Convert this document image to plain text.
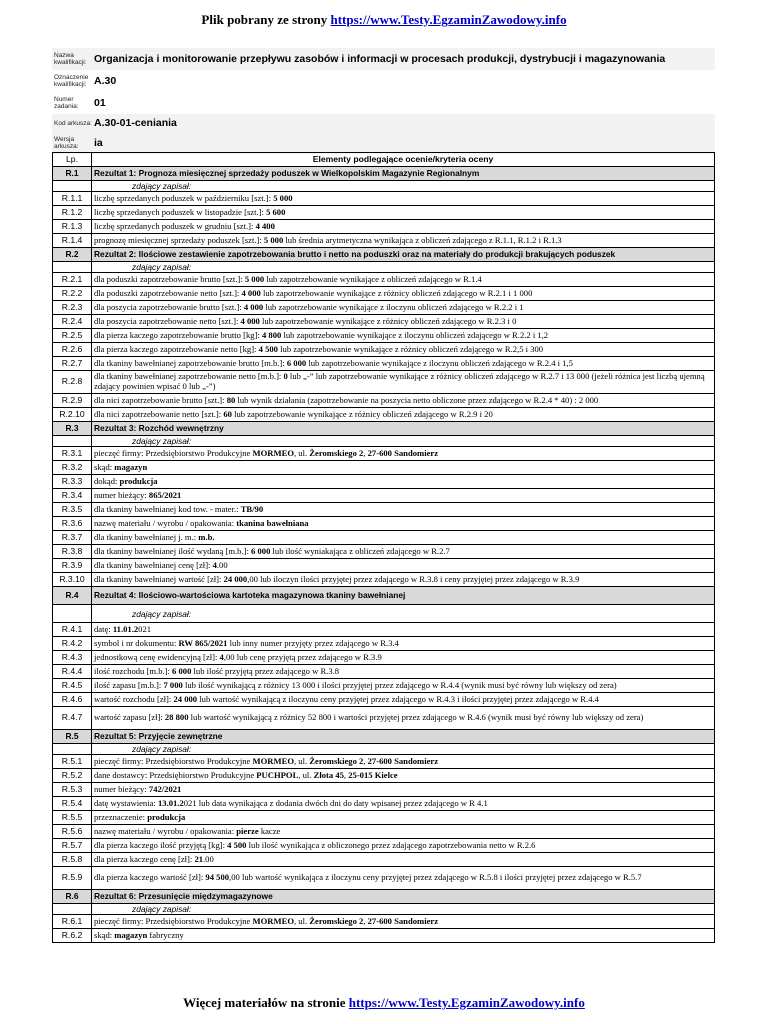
Plik pobrany ze strony https://www.Testy.EgzaminZawodowy.info
Nazwa kwalifikacji: Organizacja i monitorowanie przepływu zasobów i informacji w procesach produkcji, dystrybucji i magazynowania
Oznaczenie kwalifikacji: A.30
Numer zadania:	01
Kod arkusza: A.30-01-ceniania
Wersja arkusza:	ia
Lp.	Elementy podlegające ocenie/kryteria oceny
R.1	Rezultat 1: Prognoza miesięcznej sprzedaży poduszek w Wielkopolskim Magazynie Regionalnym
	zdający zapisał:
R.1.1	liczbę sprzedanych poduszek w październiku [szt.]: 5 000
R.1.2	liczbę sprzedanych poduszek w listopadzie [szt.]: 5 600
R.1.3	liczbę sprzedanych poduszek w grudniu [szt.]: 4 400
R.1.4	prognozę miesięcznej sprzedaży poduszek [szt.]: 5 000 lub średnia arytmetyczna wynikająca z obliczeń zdającego z R.1.1, R.1.2 i R.1.3
R.2	Rezultat 2: Ilościowe zestawienie zapotrzebowania brutto i netto na poduszki oraz na materiały do produkcji brakujących poduszek
	zdający zapisał:
R.2.1	dla poduszki zapotrzebowanie brutto [szt.]: 5 000 lub zapotrzebowanie wynikające z obliczeń zdającego w R.1.4
R.2.2	dla poduszki zapotrzebowanie netto [szt.]: 4 000 lub zapotrzebowanie wynikające z różnicy obliczeń zdającego w R.2.1 i 1 000
R.2.3	dla poszycia zapotrzebowanie brutto [szt.]: 4 000 lub zapotrzebowanie wynikające z iloczynu obliczeń zdającego w R.2.2 i 1
R.2.4	dla poszycia zapotrzebowanie netto [szt.]: 4 000 lub zapotrzebowanie wynikające z różnicy obliczeń zdającego w R.2.3 i 0
R.2.5	dla pierza kaczego zapotrzebowanie brutto [kg]: 4 800 lub zapotrzebowanie wynikające z iloczynu obliczeń zdającego w R.2.2 i 1,2
R.2.6	dla pierza kaczego zapotrzebowanie netto [kg]: 4 500 lub zapotrzebowanie wynikające z różnicy obliczeń zdającego w R.2,5 i 300
R.2.7	dla tkaniny bawełnianej zapotrzebowanie brutto [m.b.]: 6 000 lub zapotrzebowanie wynikające z iloczynu obliczeń zdającego w R.2.4 i 1,5
R.2.8	dla tkaniny bawełnianej zapotrzebowanie netto [m.b.]: 0 lub „-” lub zapotrzebowanie wynikające z różnicy obliczeń zdającego w R.2.7 i 13 000 (jeżeli różnica jest liczbą ujemną zdający powinien wpisać 0 lub „-”)
R.2.9	dla nici zapotrzebowanie brutto [szt.]: 80 lub wynik działania (zapotrzebowanie na poszycia netto obliczone przez zdającego w R.2.4 * 40) : 2 000
R.2.10	dla nici zapotrzebowanie netto [szt.]: 60 lub zapotrzebowanie wynikające z różnicy obliczeń zdającego w R.2.9 i 20
R.3	Rezultat 3: Rozchód wewnętrzny
	zdający zapisał:
R.3.1	pieczęć firmy: Przedsiębiorstwo Produkcyjne MORMEO, ul. Żeromskiego 2, 27-600 Sandomierz
R.3.2	skąd: magazyn
R.3.3	dokąd: produkcja
R.3.4	numer bieżący: 865/2021
R.3.5	dla tkaniny bawełnianej kod tow. - mater.: TB/90
R.3.6	nazwę materiału / wyrobu / opakowania: tkanina bawełniana
R.3.7	dla tkaniny bawełnianej j. m.: m.b.
R.3.8	dla tkaniny bawełnianej ilość wydaną [m.b.]: 6 000 lub ilość wyniakająca z obliczeń zdającego w R.2.7
R.3.9	dla tkaniny bawełnianej cenę [zł]: 4.00
R.3.10	dla tkaniny bawełnianej wartość [zł]: 24 000,00 lub iloczyn ilości przyjętej przez zdającego w R.3.8 i ceny przyjętej przez zdającego w R.3.9
R.4	Rezultat 4: Ilościowo-wartościowa kartoteka magazynowa tkaniny bawełnianej
	zdający zapisał:
R.4.1	datę: 11.01.2021
R.4.2	symbol i nr dokumentu: RW 865/2021 lub inny numer przyjęty przez zdającego w R.3.4
R.4.3	jednostkową cenę ewidencyjną [zł]: 4,00 lub cenę przyjętą przez zdającego w R.3.9
R.4.4	ilość rozchodu [m.b.]: 6 000 lub ilość przyjętą przez zdającego w R.3.8
R.4.5	ilość zapasu [m.b.]: 7 000 lub ilość wynikającą z różnicy 13 000 i ilości przyjętej przez zdającego w R.4.4 (wynik musi być równy lub większy od zera)
R.4.6	wartość rozchodu [zł]: 24 000 lub wartość wynikającą z iloczynu ceny przyjętej przez zdającego w R.4.3 i ilości przyjętej przez zdającego w R.4.4
R.4.7	wartość zapasu [zł]: 28 800 lub wartość wynikającą z różnicy 52 800 i wartości przyjętej przez zdającego w R.4.6 (wynik musi być równy lub większy od zera)
R.5	Rezultat 5: Przyjęcie zewnętrzne
	zdający zapisał:
R.5.1	pieczęć firmy: Przedsiębiorstwo Produkcyjne MORMEO, ul. Żeromskiego 2, 27-600 Sandomierz
R.5.2	dane dostawcy: Przedsiębiorstwo Produkcyjne PUCHPOL, ul. Złota 45, 25-015 Kielce
R.5.3	numer bieżący: 742/2021
R.5.4	datę wystawienia: 13.01.2021 lub data wynikająca z dodania dwóch dni do daty wpisanej przez zdającego w R 4.1
R.5.5	przeznaczenie: produkcja
R.5.6	nazwę materiału / wyrobu / opakowania: pierze kacze
R.5.7	dla pierza kaczego ilość przyjętą [kg]: 4 500 lub ilość wynikająca z obliczonego przez zdającego zapotrzebowania netto w R.2.6
R.5.8	dla pierza kaczego cenę [zł]: 21.00
R.5.9	dla pierza kaczego wartość [zł]: 94 500,00 lub wartość wynikająca z iloczynu ceny przyjętej przez zdającego w R.5.8 i ilości przyjętej przez zdającego w R.5.7
R.6	Rezultat 6: Przesunięcie międzymagazynowe
	zdający zapisał:
R.6.1	pieczęć firmy: Przedsiębiorstwo Produkcyjne MORMEO, ul. Żeromskiego 2, 27-600 Sandomierz
R.6.2	skąd: magazyn fabryczny
Więcej materiałów na stronie https://www.Testy.EgzaminZawodowy.info
